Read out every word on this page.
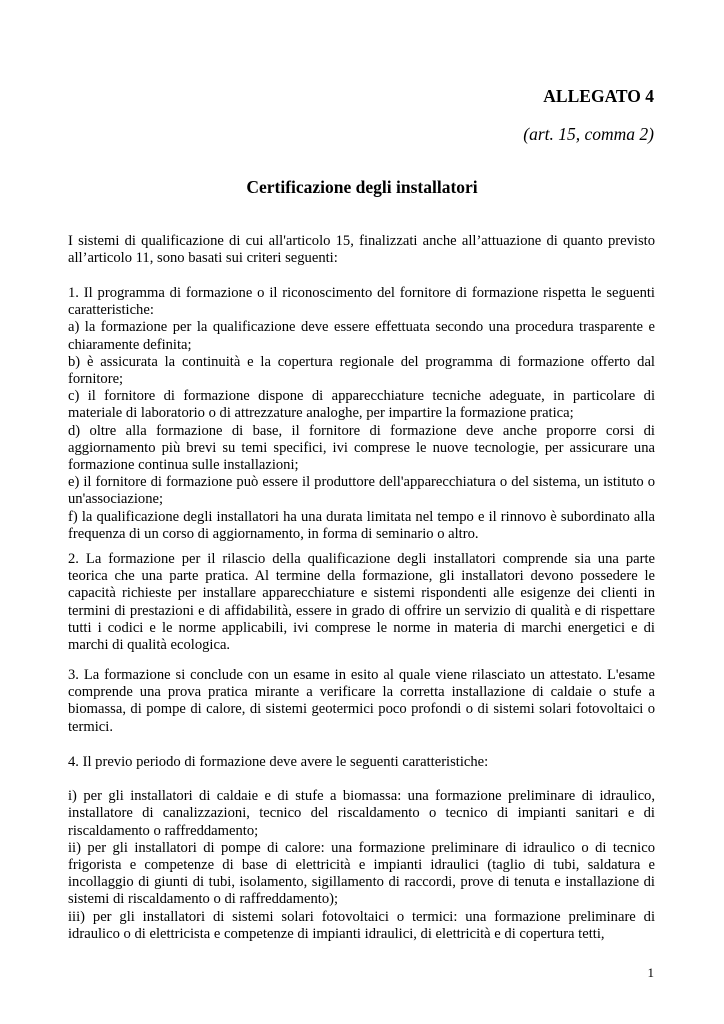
ALLEGATO 4
(art. 15, comma 2)
Certificazione degli installatori

I sistemi di qualificazione di cui all'articolo 15, finalizzati anche all’attuazione di quanto previsto all’articolo 11, sono basati sui criteri seguenti:

1. Il programma di formazione o il riconoscimento del fornitore di formazione rispetta le seguenti caratteristiche:

a) la formazione per la qualificazione deve essere effettuata secondo una procedura trasparente e chiaramente definita;

b) è assicurata la continuità e la copertura regionale del programma di formazione offerto dal fornitore;

c) il fornitore di formazione dispone di apparecchiature tecniche adeguate, in particolare di materiale di laboratorio o di attrezzature analoghe, per impartire la formazione pratica;

d) oltre alla formazione di base, il fornitore di formazione deve anche proporre corsi di aggiornamento più brevi su temi specifici, ivi comprese le nuove tecnologie, per assicurare una formazione continua sulle installazioni;

e) il fornitore di formazione può essere il produttore dell'apparecchiatura o del sistema, un istituto o un'associazione;

f) la qualificazione degli installatori ha una durata limitata nel tempo e il rinnovo è subordinato alla frequenza di un corso di aggiornamento, in forma di seminario o altro.

2. La formazione per il rilascio della qualificazione degli installatori comprende sia una parte teorica che una parte pratica. Al termine della formazione, gli installatori devono possedere le capacità richieste per installare apparecchiature e sistemi rispondenti alle esigenze dei clienti in termini di prestazioni e di affidabilità, essere in grado di offrire un servizio di qualità e di rispettare tutti i codici e le norme applicabili, ivi comprese le norme in materia di marchi energetici e di marchi di qualità ecologica.

3. La formazione si conclude con un esame in esito al quale viene rilasciato un attestato. L'esame comprende una prova pratica mirante a verificare la corretta installazione di caldaie o stufe a biomassa, di pompe di calore, di sistemi geotermici poco profondi o di sistemi solari fotovoltaici o termici.

4. Il previo periodo di formazione deve avere le seguenti caratteristiche:

i) per gli installatori di caldaie e di stufe a biomassa: una formazione preliminare di idraulico, installatore di canalizzazioni, tecnico del riscaldamento o tecnico di impianti sanitari e di riscaldamento o raffreddamento;

ii) per gli installatori di pompe di calore: una formazione preliminare di idraulico o di tecnico frigorista e competenze di base di elettricità e impianti idraulici (taglio di tubi, saldatura e incollaggio di giunti di tubi, isolamento, sigillamento di raccordi, prove di tenuta e installazione di sistemi di riscaldamento o di raffreddamento);

iii) per gli installatori di sistemi solari fotovoltaici o termici: una formazione preliminare di idraulico o di elettricista e competenze di impianti idraulici, di elettricità e di copertura tetti,

1
